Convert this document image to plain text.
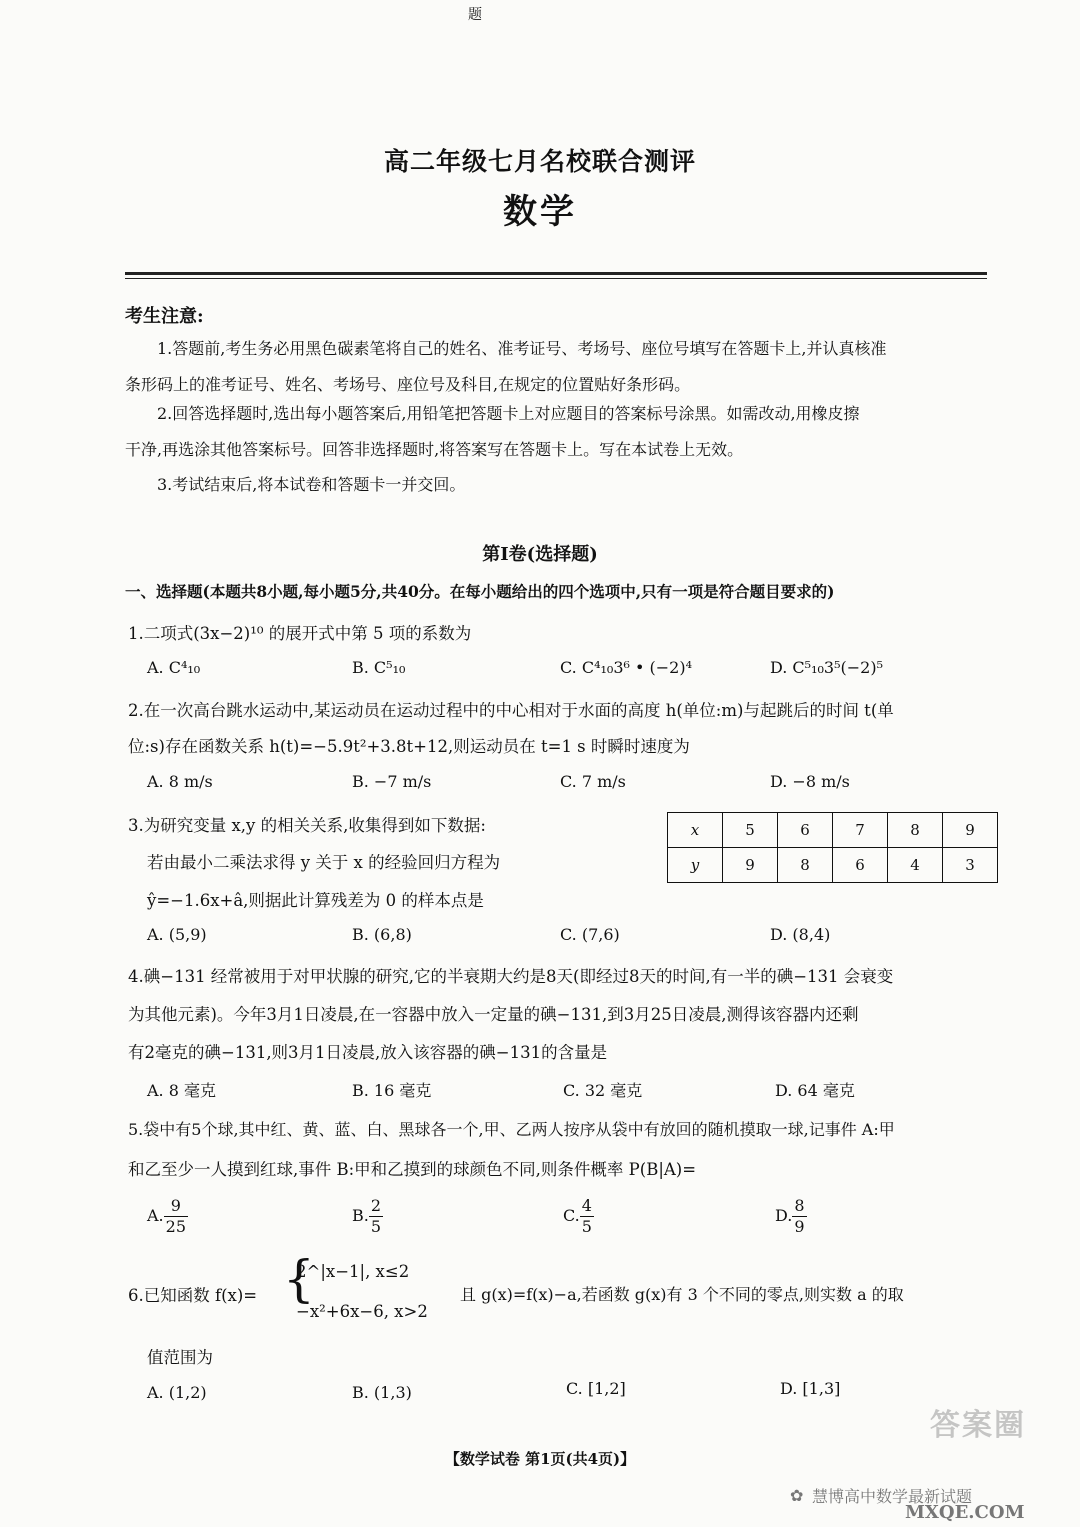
题
高二年级七月名校联合测评
数学
考生注意:
1.答题前,考生务必用黑色碳素笔将自己的姓名、准考证号、考场号、座位号填写在答题卡上,并认真核准
条形码上的准考证号、姓名、考场号、座位号及科目,在规定的位置贴好条形码。
2.回答选择题时,选出每小题答案后,用铅笔把答题卡上对应题目的答案标号涂黑。如需改动,用橡皮擦
干净,再选涂其他答案标号。回答非选择题时,将答案写在答题卡上。写在本试卷上无效。
3.考试结束后,将本试卷和答题卡一并交回。
第Ⅰ卷(选择题)
一、选择题(本题共8小题,每小题5分,共40分。在每小题给出的四个选项中,只有一项是符合题目要求的)
1.二项式(3x−2)¹⁰ 的展开式中第 5 项的系数为
A. C⁴₁₀	B. C⁵₁₀	C. C⁴₁₀3⁶ • (−2)⁴	D. C⁵₁₀3⁵(−2)⁵
2.在一次高台跳水运动中,某运动员在运动过程中的中心相对于水面的高度 h(单位:m)与起跳后的时间 t(单
位:s)存在函数关系 h(t)=−5.9t²+3.8t+12,则运动员在 t=1 s 时瞬时速度为
A. 8 m/s	B. −7 m/s	C. 7 m/s	D. −8 m/s
3.为研究变量 x,y 的相关关系,收集得到如下数据:
若由最小二乘法求得 y 关于 x 的经验回归方程为
ŷ=−1.6x+â,则据此计算残差为 0 的样本点是
x	5	6	7	8	9
y	9	8	6	4	3
A. (5,9)	B. (6,8)	C. (7,6)	D. (8,4)
4.碘−131 经常被用于对甲状腺的研究,它的半衰期大约是8天(即经过8天的时间,有一半的碘−131 会衰变
为其他元素)。今年3月1日凌晨,在一容器中放入一定量的碘−131,到3月25日凌晨,测得该容器内还剩
有2毫克的碘−131,则3月1日凌晨,放入该容器的碘−131的含量是
A. 8 毫克	B. 16 毫克	C. 32 毫克	D. 64 毫克
5.袋中有5个球,其中红、黄、蓝、白、黑球各一个,甲、乙两人按序从袋中有放回的随机摸取一球,记事件 A:甲
和乙至少一人摸到红球,事件 B:甲和乙摸到的球颜色不同,则条件概率 P(B|A)=
A. $\frac{9}{25}$	B. $\frac{2}{5}$	C. $\frac{4}{5}$	D. $\frac{8}{9}$
6.已知函数 f(x)= {
2^|x−1|, x≤2
−x²+6x−6, x>2
且 g(x)=f(x)−a,若函数 g(x)有 3 个不同的零点,则实数 a 的取
值范围为
A. (1,2)	B. (1,3)	C. [1,2]	D. [1,3]
【数学试卷 第1页(共4页)】
✿ 慧博高中数学最新试题
答案圈
MXQE.COM
